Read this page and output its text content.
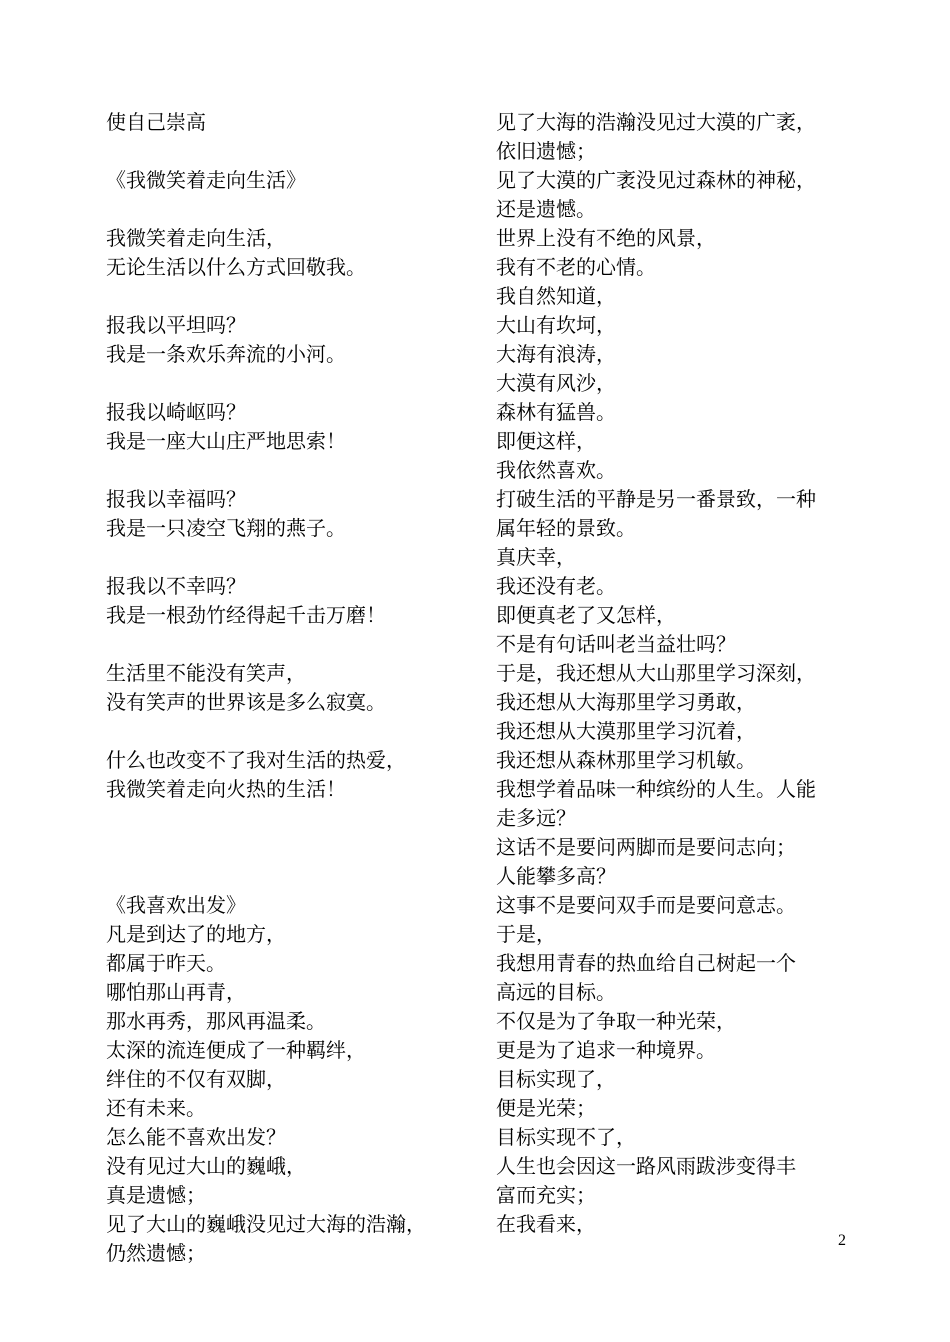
使自己崇高
《我微笑着走向生活》
我微笑着走向生活，
无论生活以什么方式回敬我。
报我以平坦吗？
我是一条欢乐奔流的小河。
报我以崎岖吗？
我是一座大山庄严地思索！
报我以幸福吗？
我是一只凌空飞翔的燕子。
报我以不幸吗？
我是一根劲竹经得起千击万磨！
生活里不能没有笑声，
没有笑声的世界该是多么寂寞。
什么也改变不了我对生活的热爱，
我微笑着走向火热的生活！
《我喜欢出发》
凡是到达了的地方，
都属于昨天。
哪怕那山再青，
那水再秀，那风再温柔。
太深的流连便成了一种羁绊，
绊住的不仅有双脚，
还有未来。
怎么能不喜欢出发？
没有见过大山的巍峨，
真是遗憾；
见了大山的巍峨没见过大海的浩瀚，
仍然遗憾；
见了大海的浩瀚没见过大漠的广袤，
依旧遗憾；
见了大漠的广袤没见过森林的神秘，
还是遗憾。
世界上没有不绝的风景，
我有不老的心情。
我自然知道，
大山有坎坷，
大海有浪涛，
大漠有风沙，
森林有猛兽。
即便这样，
我依然喜欢。
打破生活的平静是另一番景致，一种
属年轻的景致。
真庆幸，
我还没有老。
即便真老了又怎样，
不是有句话叫老当益壮吗？
于是，我还想从大山那里学习深刻，
我还想从大海那里学习勇敢，
我还想从大漠那里学习沉着，
我还想从森林那里学习机敏。
我想学着品味一种缤纷的人生。人能
走多远？
这话不是要问两脚而是要问志向；
人能攀多高？
这事不是要问双手而是要问意志。
于是，
我想用青春的热血给自己树起一个
高远的目标。
不仅是为了争取一种光荣，
更是为了追求一种境界。
目标实现了，
便是光荣；
目标实现不了，
人生也会因这一路风雨跋涉变得丰
富而充实；
在我看来，
2
